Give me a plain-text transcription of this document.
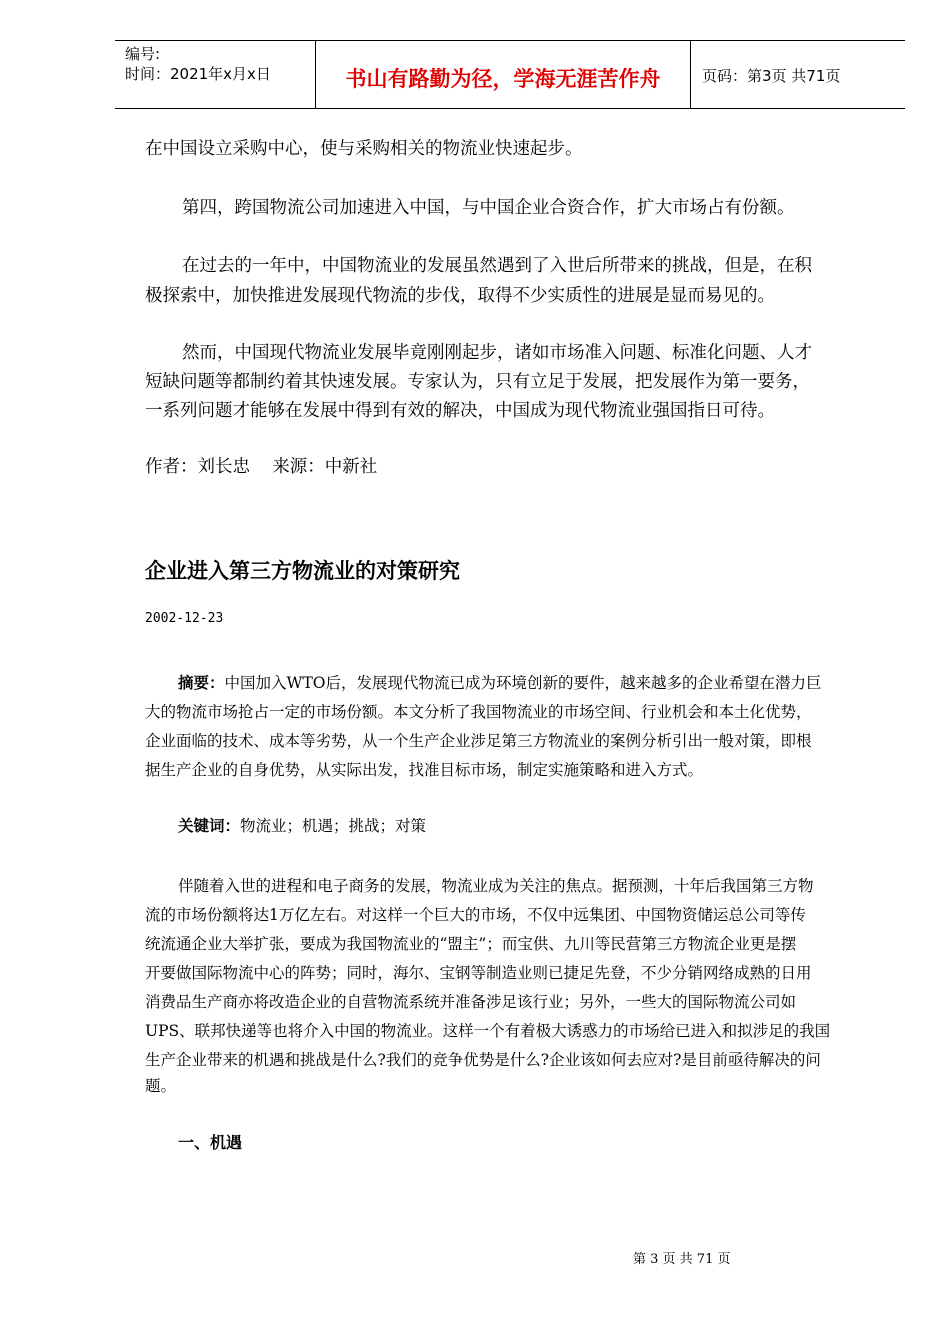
编号:
时间：2021年x月x日	书山有路勤为径，学海无涯苦作舟	页码：第3页 共71页
在中国设立采购中心，使与采购相关的物流业快速起步。
第四，跨国物流公司加速进入中国，与中国企业合资合作，扩大市场占有份额。
在过去的一年中，中国物流业的发展虽然遇到了入世后所带来的挑战，但是，在积
极探索中，加快推进发展现代物流的步伐，取得不少实质性的进展是显而易见的。
然而，中国现代物流业发展毕竟刚刚起步，诸如市场准入问题、标准化问题、人才
短缺问题等都制约着其快速发展。专家认为，只有立足于发展，把发展作为第一要务，
一系列问题才能够在发展中得到有效的解决，中国成为现代物流业强国指日可待。
作者：刘长忠    来源：中新社
企业进入第三方物流业的对策研究
2002-12-23
摘要：中国加入WTO后，发展现代物流已成为环境创新的要件，越来越多的企业希望在潜力巨
大的物流市场抢占一定的市场份额。本文分析了我国物流业的市场空间、行业机会和本土化优势，
企业面临的技术、成本等劣势，从一个生产企业涉足第三方物流业的案例分析引出一般对策，即根
据生产企业的自身优势，从实际出发，找准目标市场，制定实施策略和进入方式。
关键词：物流业；机遇；挑战；对策
伴随着入世的进程和电子商务的发展，物流业成为关注的焦点。据预测，十年后我国第三方物
流的市场份额将达1万亿左右。对这样一个巨大的市场，不仅中远集团、中国物资储运总公司等传
统流通企业大举扩张，要成为我国物流业的“盟主”；而宝供、九川等民营第三方物流企业更是摆
开要做国际物流中心的阵势；同时，海尔、宝钢等制造业则已捷足先登，不少分销网络成熟的日用
消费品生产商亦将改造企业的自营物流系统并准备涉足该行业；另外，一些大的国际物流公司如
UPS、联邦快递等也将介入中国的物流业。这样一个有着极大诱惑力的市场给已进入和拟涉足的我国
生产企业带来的机遇和挑战是什么?我们的竞争优势是什么?企业该如何去应对?是目前亟待解决的问
题。
一、机遇
第 3 页 共 71 页
